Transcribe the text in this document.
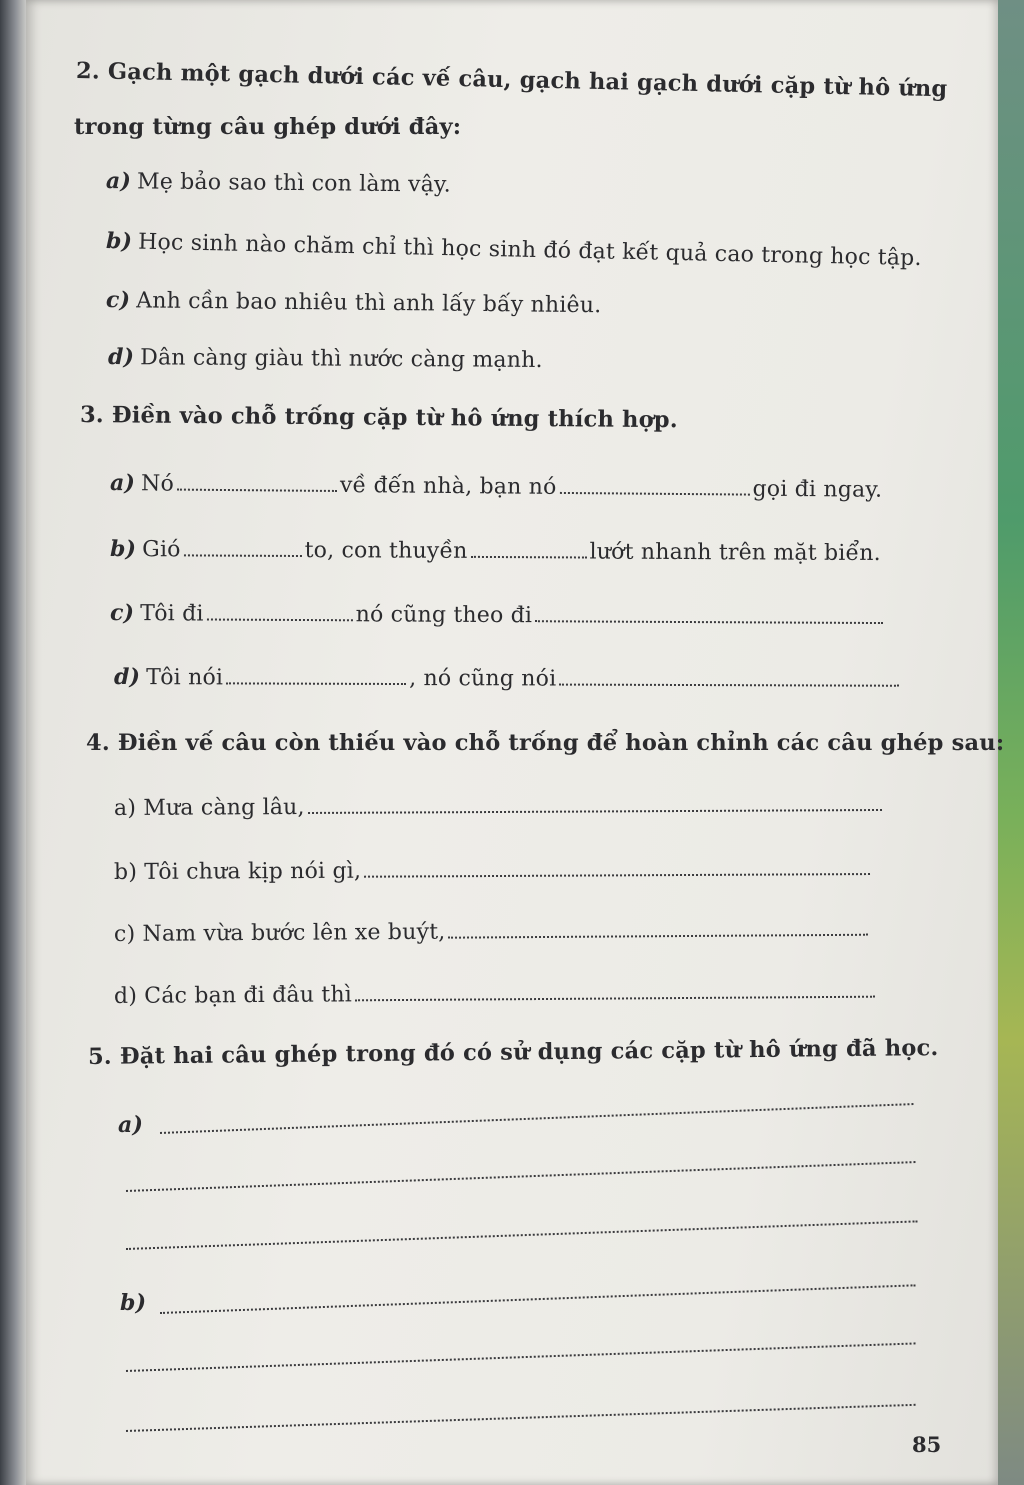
2. Gạch một gạch dưới các vế câu, gạch hai gạch dưới cặp từ hô ứng
trong từng câu ghép dưới đây:
a) Mẹ bảo sao thì con làm vậy.
b) Học sinh nào chăm chỉ thì học sinh đó đạt kết quả cao trong học tập.
c) Anh cần bao nhiêu thì anh lấy bấy nhiêu.
d) Dân càng giàu thì nước càng mạnh.
3. Điền vào chỗ trống cặp từ hô ứng thích hợp.
a) Nó	về đến nhà, bạn nó	gọi đi ngay.
b) Gió	to, con thuyền	lướt nhanh trên mặt biển.
c) Tôi đi	nó cũng theo đi
d) Tôi nói	, nó cũng nói
4. Điền vế câu còn thiếu vào chỗ trống để hoàn chỉnh các câu ghép sau:
a) Mưa càng lâu,
b) Tôi chưa kịp nói gì,
c) Nam vừa bước lên xe buýt,
d) Các bạn đi đâu thì
5. Đặt hai câu ghép trong đó có sử dụng các cặp từ hô ứng đã học.
a)
b)
85
